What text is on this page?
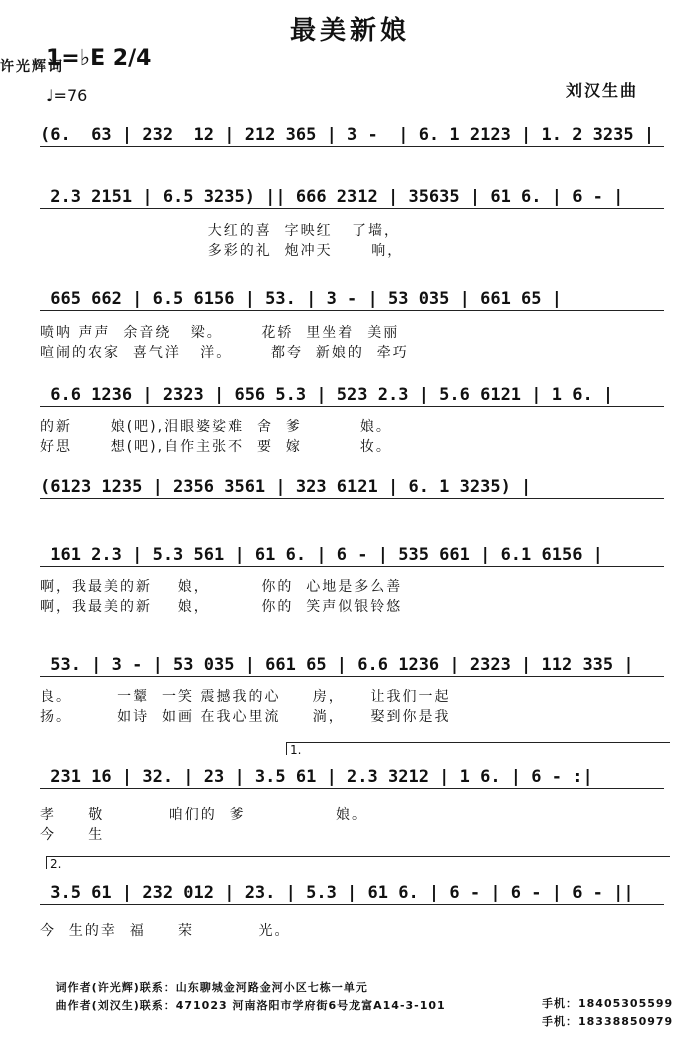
最美新娘
1=♭E 2/4
♩=76
许光辉词
刘汉生曲
(6.  63 | 232  12 | 212 365 | 3 -  | 6. 1 2123 | 1. 2 3235 |
2.3 2151 | 6.5 3235) || 666 2312 | 35635 | 61 6. | 6 - |
大红的喜  字映红   了墙，
多彩的礼  炮冲天      响，
665 662 | 6.5 6156 | 53. | 3 - | 53 035 | 661 65 |
喷呐 声声  余音绕   梁。      花轿  里坐着  美丽
喧闹的农家  喜气洋   洋。      都夸  新娘的  牵巧
6.6 1236 | 2323 | 656 5.3 | 523 2.3 | 5.6 6121 | 1 6. |
的新      娘(吧),泪眼婆娑难  舍  爹         娘。
好思      想(吧),自作主张不  要  嫁         妆。
(6123 1235 | 2356 3561 | 323 6121 | 6. 1 3235) |
161 2.3 | 5.3 561 | 61 6. | 6 - | 535 661 | 6.1 6156 |
啊，我最美的新    娘，        你的  心地是多么善
啊，我最美的新    娘，        你的  笑声似银铃悠
53. | 3 - | 53 035 | 661 65 | 6.6 1236 | 2323 | 112 335 |
良。       一颦  一笑 震撼我的心     房，    让我们一起
扬。       如诗  如画 在我心里流     淌，    娶到你是我
1.
231 16 | 32. | 23 | 3.5 61 | 2.3 3212 | 1 6. | 6 - :|
孝     敬          咱们的  爹              娘。
今     生
2.
3.5 61 | 232 012 | 23. | 5.3 | 61 6. | 6 - | 6 - | 6 - ||
今  生的幸  福     荣          光。

词作者(许光辉)联系：山东聊城金河路金河小区七栋一单元

手机：18405305599

曲作者(刘汉生)联系：471023 河南洛阳市学府街6号龙富A14-3-101

手机：18338850979
